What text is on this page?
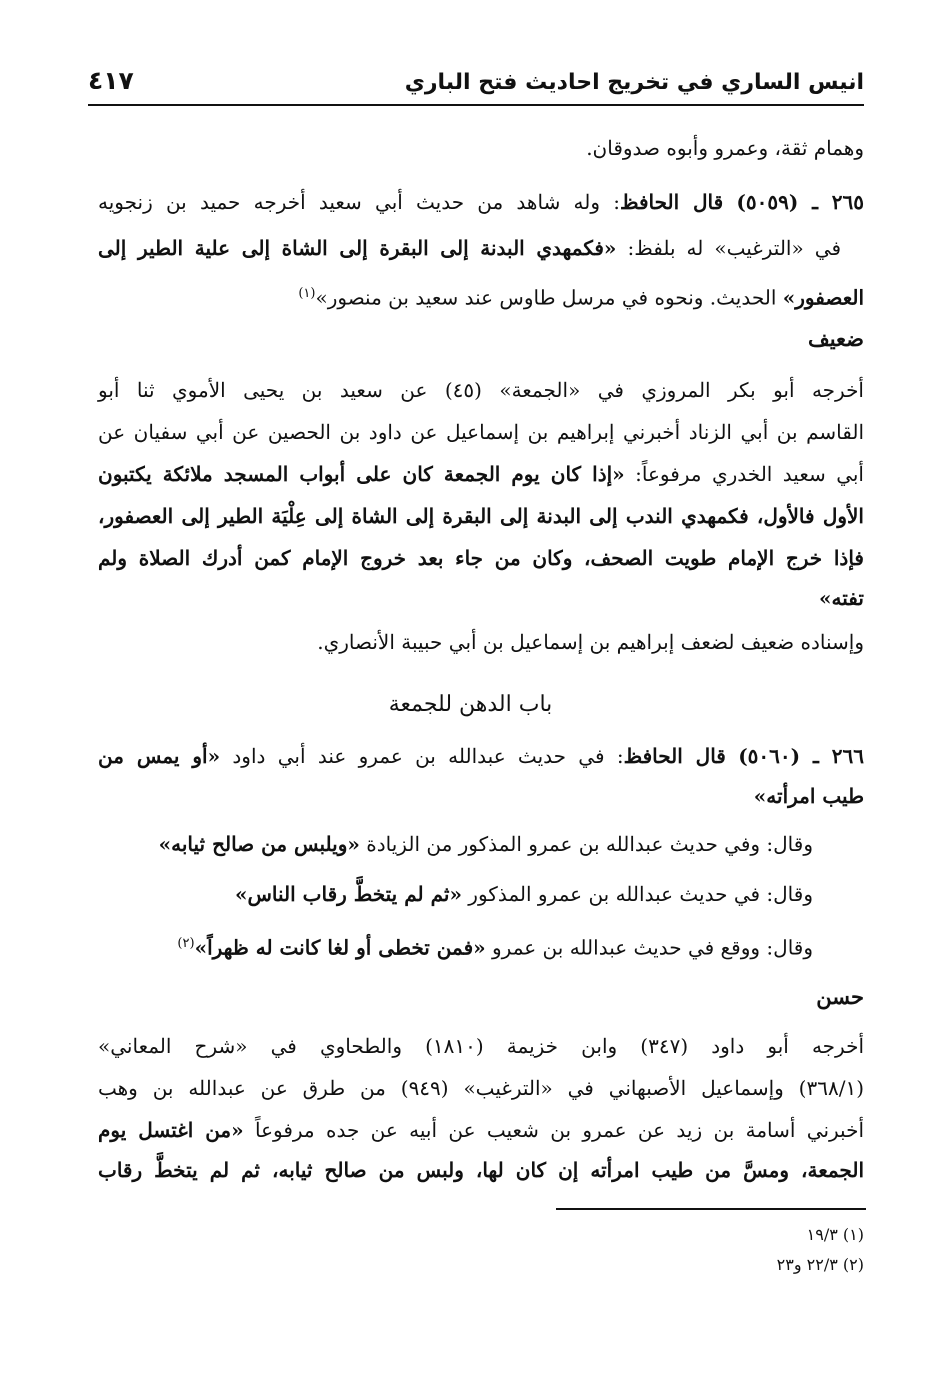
انيس الساري في تخريج احاديث فتح الباري
٤١٧
وهمام ثقة، وعمرو وأبوه صدوقان.
٢٦٥ ـ (٥٠٥٩) قال الحافظ: وله شاهد من حديث أبي سعيد أخرجه حميد بن زنجويه
في «الترغيب» له بلفظ: «فكمهدي البدنة إلى البقرة إلى الشاة إلى علية الطير إلى
العصفور» الحديث. ونحوه في مرسل طاوس عند سعيد بن منصور»$^{(١)}$
ضعيف
أخرجه أبو بكر المروزي في «الجمعة» (٤٥) عن سعيد بن يحيى الأموي ثنا أبو
القاسم بن أبي الزناد أخبرني إبراهيم بن إسماعيل عن داود بن الحصين عن أبي سفيان عن
أبي سعيد الخدري مرفوعاً: «إذا كان يوم الجمعة كان على أبواب المسجد ملائكة يكتبون
الأول فالأول، فكمهدي الندب إلى البدنة إلى البقرة إلى الشاة إلى عِلْيَة الطير إلى العصفور،
فإذا خرج الإمام طويت الصحف، وكان من جاء بعد خروج الإمام كمن أدرك الصلاة ولم
تفته»
وإسناده ضعيف لضعف إبراهيم بن إسماعيل بن أبي حبيبة الأنصاري.
باب الدهن للجمعة
٢٦٦ ـ (٥٠٦٠) قال الحافظ: في حديث عبدالله بن عمرو عند أبي داود «أو يمس من
طيب امرأته»
وقال: وفي حديث عبدالله بن عمرو المذكور من الزيادة «ويلبس من صالح ثيابه»
وقال: في حديث عبدالله بن عمرو المذكور «ثم لم يتخطَّ رقاب الناس»
وقال: ووقع في حديث عبدالله بن عمرو «فمن تخطى أو لغا كانت له ظهراً»$^{(٢)}$
حسن
أخرجه أبو داود (٣٤٧) وابن خزيمة (١٨١٠) والطحاوي في «شرح المعاني»
(٣٦٨/١) وإسماعيل الأصبهاني في «الترغيب» (٩٤٩) من طرق عن عبدالله بن وهب
أخبرني أسامة بن زيد عن عمرو بن شعيب عن أبيه عن جده مرفوعاً «من اغتسل يوم
الجمعة، ومسَّ من طيب امرأته إن كان لها، ولبس من صالح ثيابه، ثم لم يتخطَّ رقاب
(١) ١٩/٣
(٢) ٢٢/٣ و٢٣
